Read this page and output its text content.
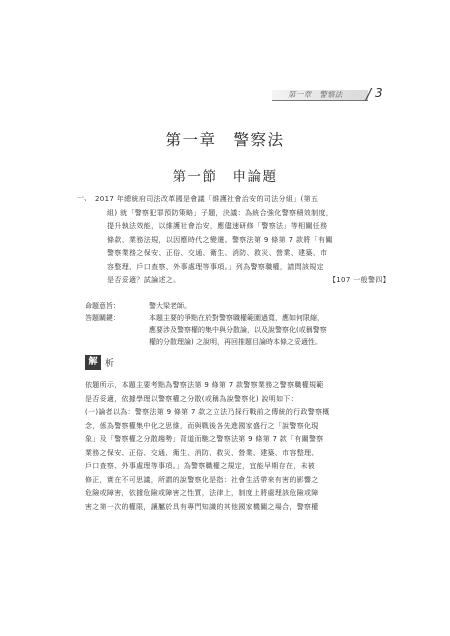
第一章　警察法 / 3
第一章　警察法
第一節　申論題
一、 2017 年總統府司法改革國是會議「維護社會治安的司法分組」(第五
組) 就「警察犯罪預防策略」子題，決議：為統合強化警察積效制度，
提升執法效能，以維護社會治安，應儘速研修「警察法」等相關任務
條款、業務法規，以因應時代之變遷。警察法第 9 條第 7 款將「有關
警察業務之保安、正俗、交通、衛生、消防、救災、營業、建築、市
容整理、戶口查察、外事處理等事項。」列為警察職權，請問該規定
是否妥適？試論述之。	【107 一般警四】
命題意旨：	警大梁老師。
答題關鍵：	本題主要的爭點在於對警察職權範圍過寬，應如何限縮，
應要涉及警察權的集中與分散論，以及說警察化(或稱警察
權的分散理論) 之說明，再回推題目論時本條之妥適性。
解 析
依題所示，本題主要考點為警察法第 9 條第 7 款警察業務之警察職權規範
是否妥適，依據學理以警察權之分散(或稱為說警察化) 說明如下：
(一)論者以為：警察法第 9 條第 7 款之立法乃採行戰前之傳統的行政警察概
念，係為警察權集中化之思維，而與戰後各先進國家盛行之「說警察化現
象」及「警察權之分散趨勢」背道而馳之警察法第 9 條第 7 款「有關警察
業務之保安、正俗、交通、衛生、消防、救災、營業、建築、市容整理、
戶口查察、外事處理等事項。」為警察職權之規定，宜能早期存在，未被
修正，實在不可思議，所謂的說警察化是指：社會生活帶來有害的影響之
危險或障害，依據危險或障害之性質，法律上，制度上將處理該危險或障
害之第一次的權限，讓屬於具有專門知識的其他國家機關之場合，警察權
